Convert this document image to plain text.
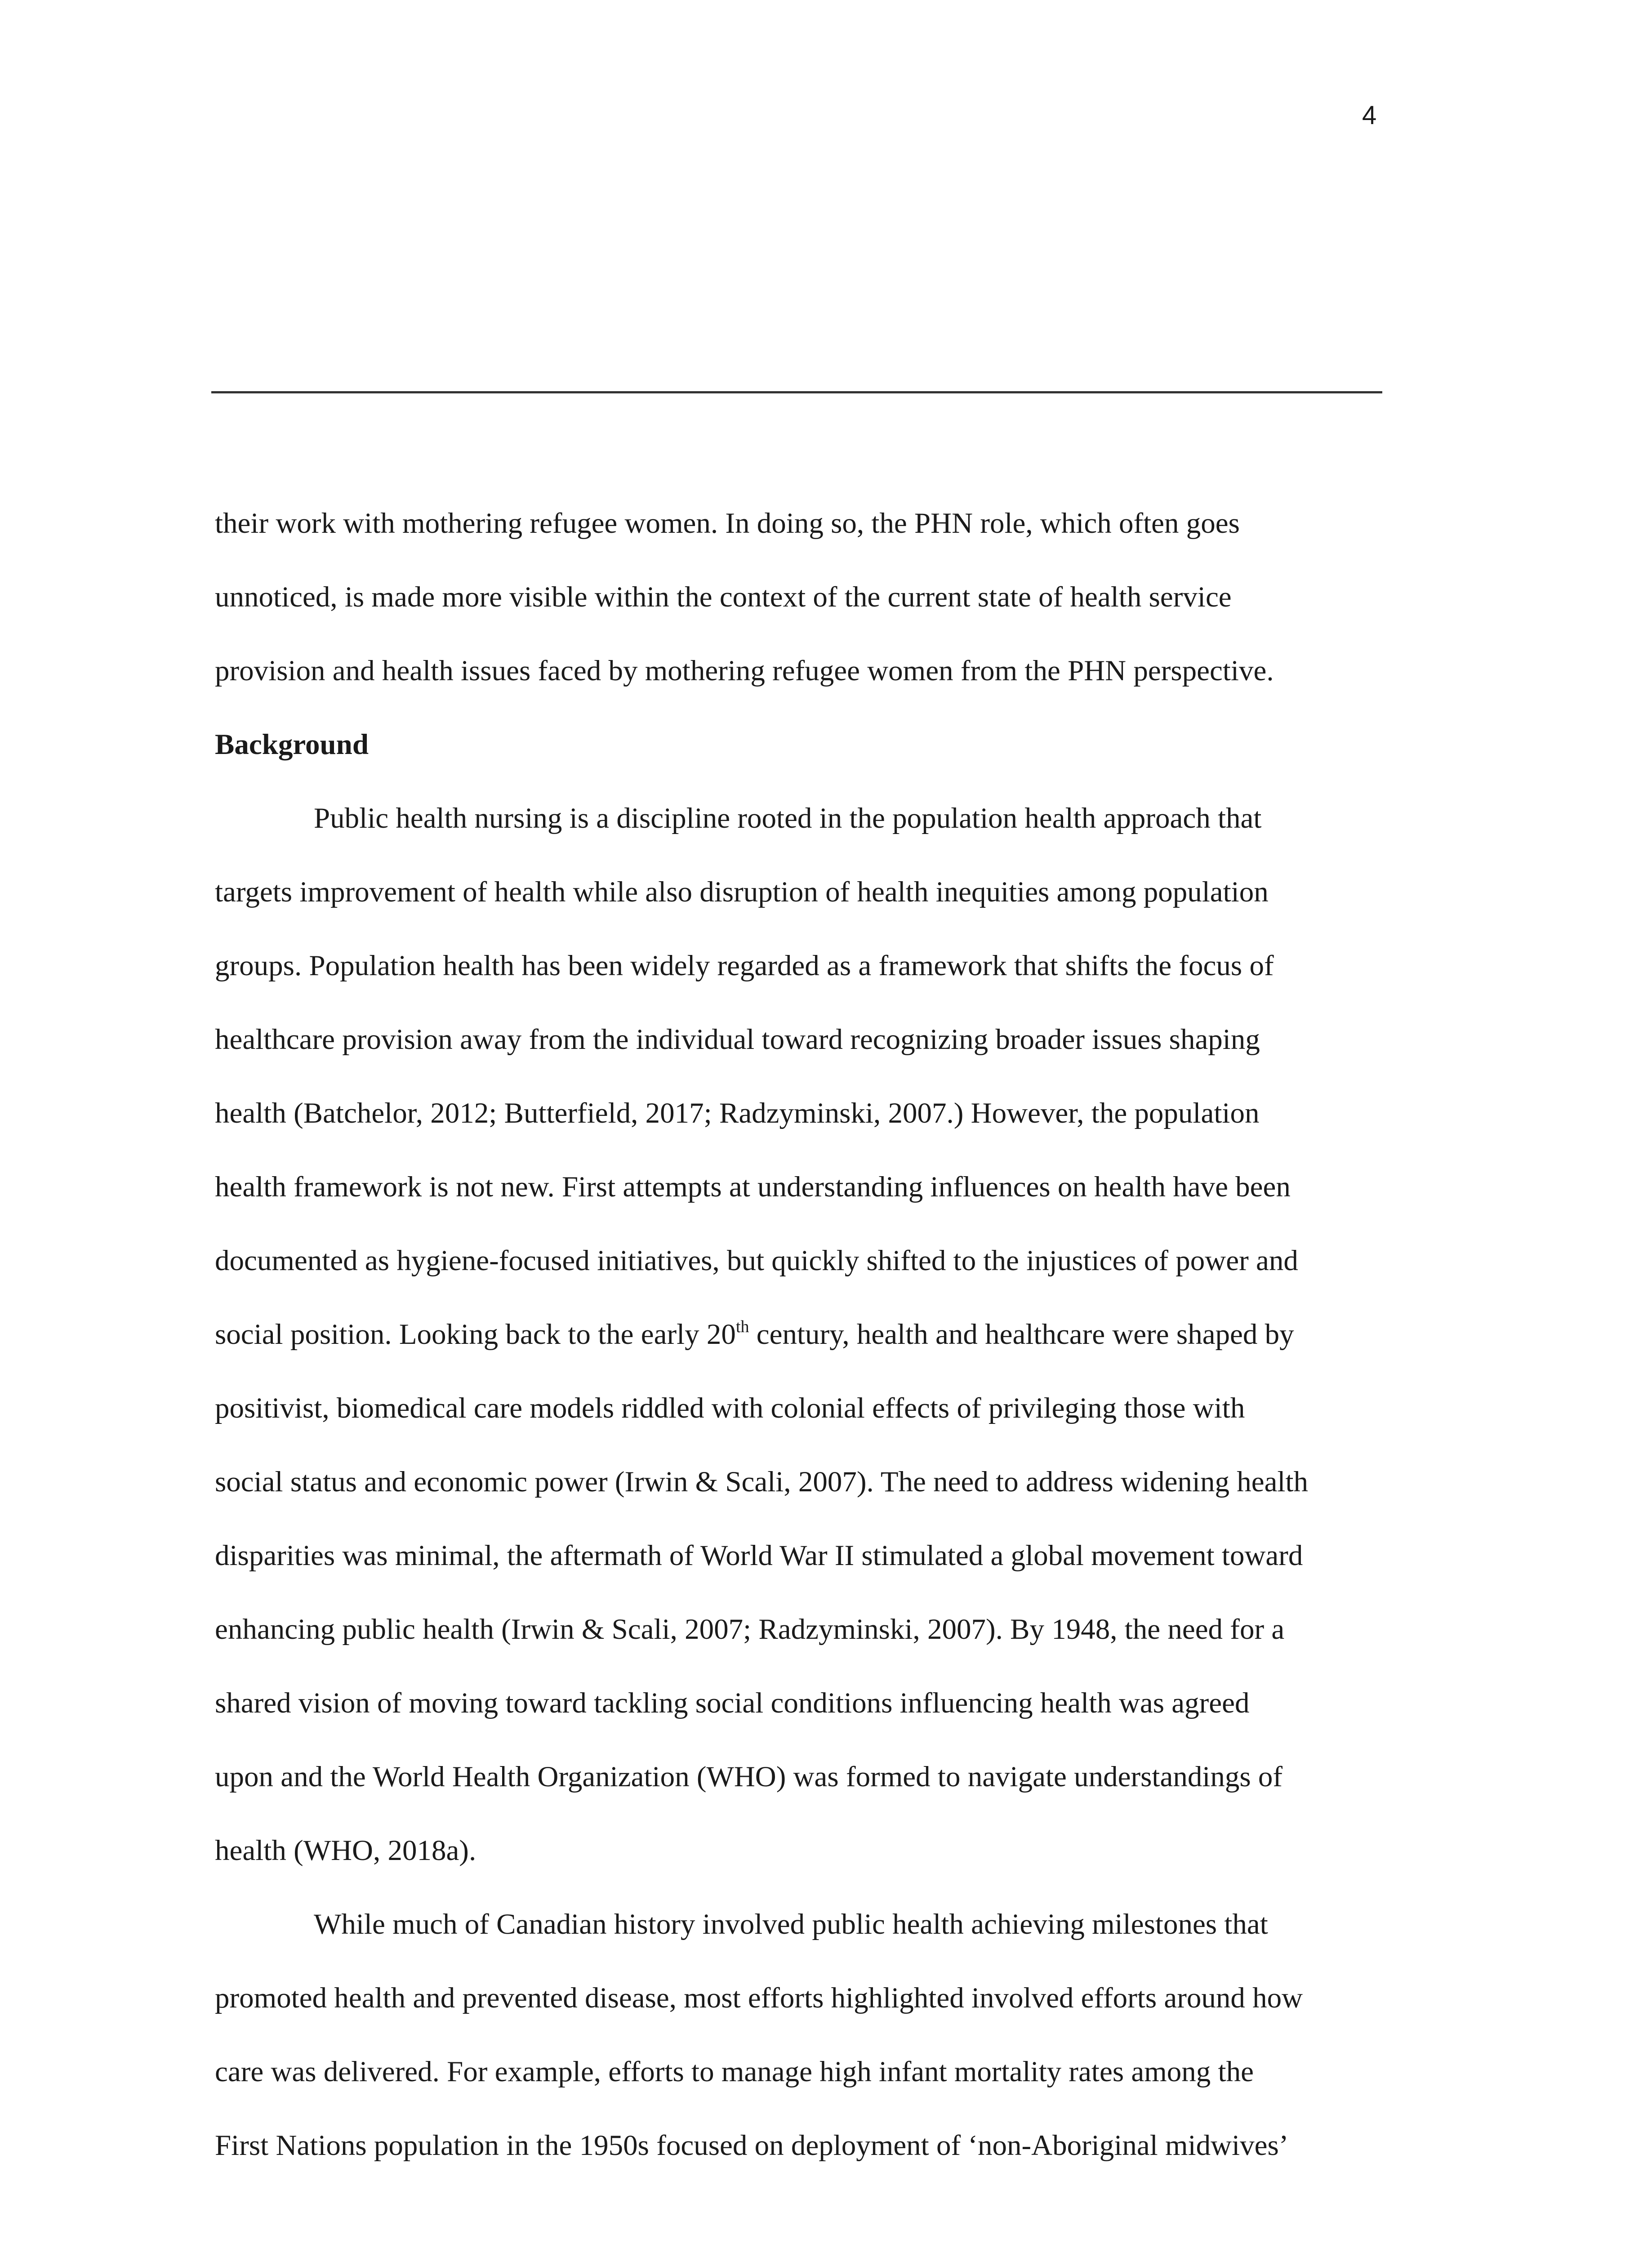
4
their work with mothering refugee women. In doing so, the PHN role, which often goes
unnoticed, is made more visible within the context of the current state of health service
provision and health issues faced by mothering refugee women from the PHN perspective.
Background
Public health nursing is a discipline rooted in the population health approach that
targets improvement of health while also disruption of health inequities among population
groups. Population health has been widely regarded as a framework that shifts the focus of
healthcare provision away from the individual toward recognizing broader issues shaping
health (Batchelor, 2012; Butterfield, 2017; Radzyminski, 2007.) However, the population
health framework is not new. First attempts at understanding influences on health have been
documented as hygiene-focused initiatives, but quickly shifted to the injustices of power and
social position. Looking back to the early 20th century, health and healthcare were shaped by
positivist, biomedical care models riddled with colonial effects of privileging those with
social status and economic power (Irwin & Scali, 2007). The need to address widening health
disparities was minimal, the aftermath of World War II stimulated a global movement toward
enhancing public health (Irwin & Scali, 2007; Radzyminski, 2007). By 1948, the need for a
shared vision of moving toward tackling social conditions influencing health was agreed
upon and the World Health Organization (WHO) was formed to navigate understandings of
health (WHO, 2018a).
While much of Canadian history involved public health achieving milestones that
promoted health and prevented disease, most efforts highlighted involved efforts around how
care was delivered. For example, efforts to manage high infant mortality rates among the
First Nations population in the 1950s focused on deployment of ‘non-Aboriginal midwives’
